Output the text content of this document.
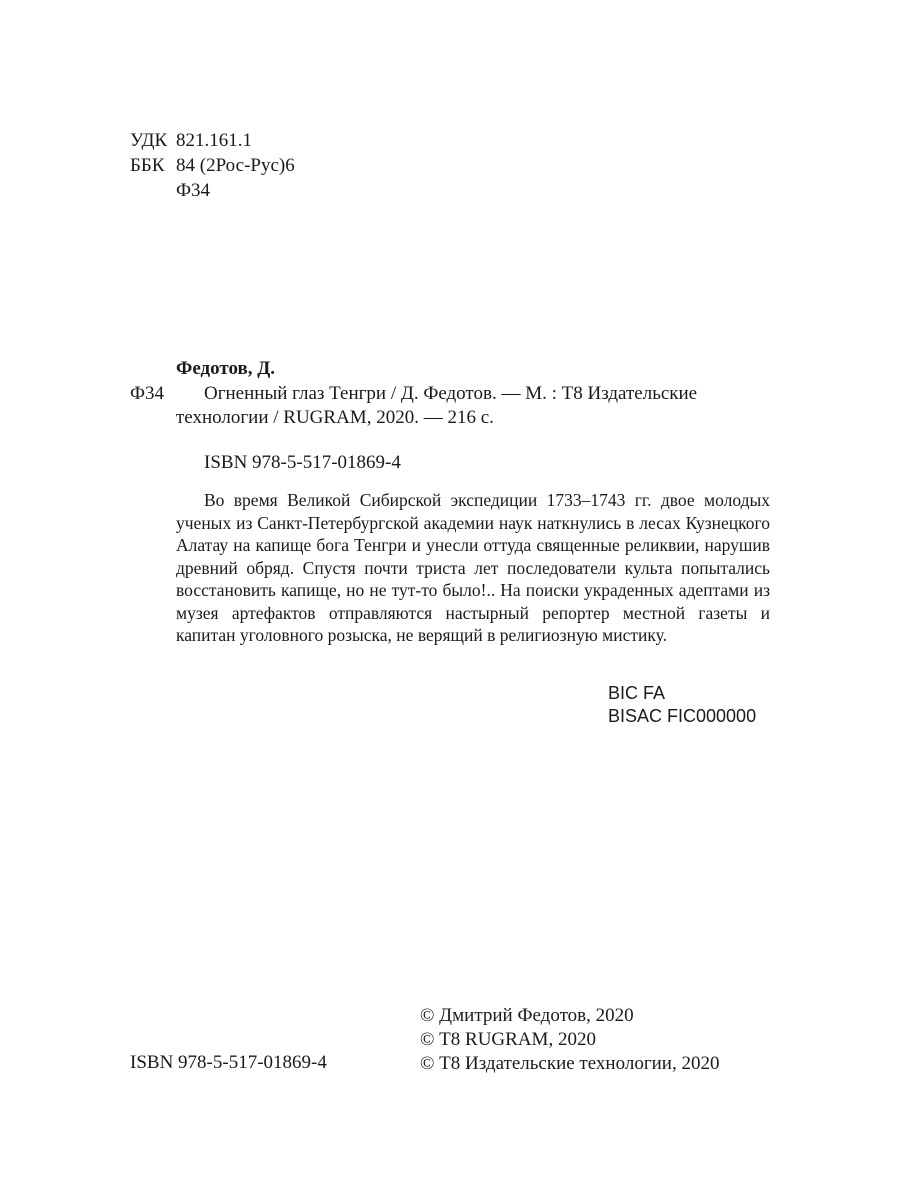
УДК 821.161.1
ББК 84 (2Рос-Рус)6
Ф34
Федотов, Д.
Ф34 Огненный глаз Тенгри / Д. Федотов. — М. : Т8 Издательские
технологии / RUGRAM, 2020. — 216 с.
ISBN 978-5-517-01869-4

Во время Великой Сибирской экспедиции 1733–1743 гг. двое молодых ученых из Санкт-Петербургской академии наук наткнулись в лесах Кузнецкого Алатау на капище бога Тенгри и унесли оттуда священные реликвии, нарушив древний обряд. Спустя почти триста лет последователи культа попытались восстановить капище, но не тут-то было!.. На поиски украденных адептами из музея артефактов отправляются настырный репортер местной газеты и капитан уголовного розыска, не верящий в религиозную мистику.

BIC FA
BISAC FIC000000
ISBN 978-5-517-01869-4
© Дмитрий Федотов, 2020
© Т8 RUGRAM, 2020
© Т8 Издательские технологии, 2020
